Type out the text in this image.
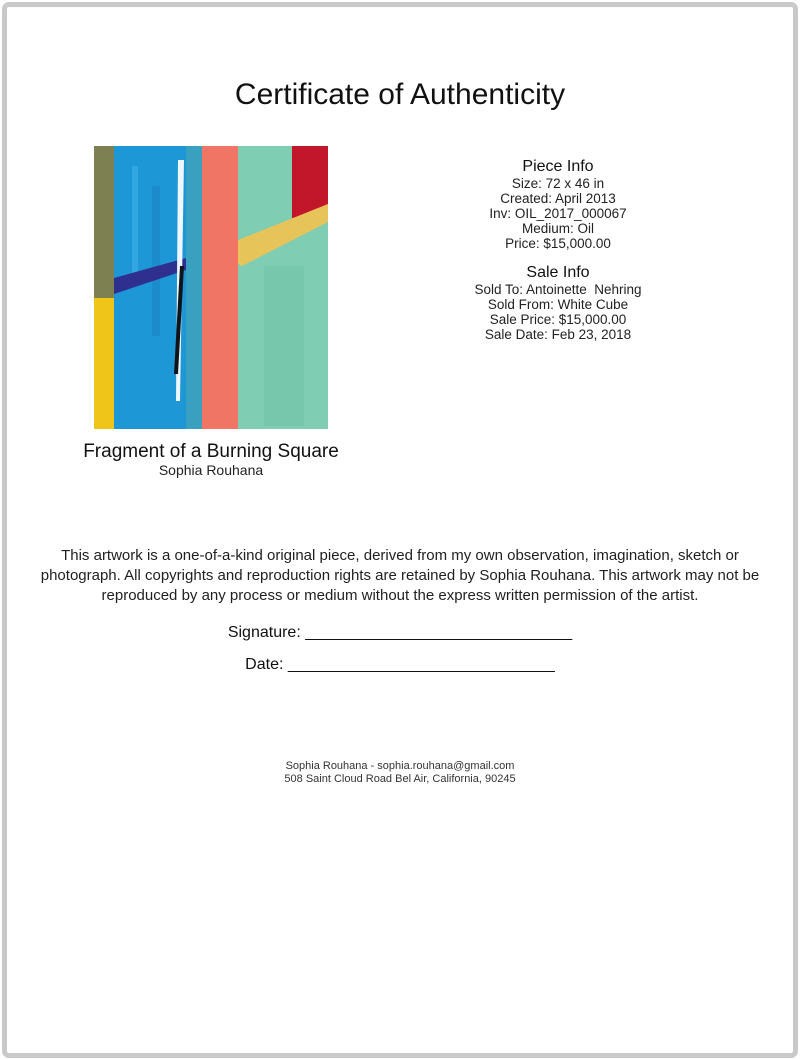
Certificate of Authenticity
Fragment of a Burning Square
Sophia Rouhana
Piece Info
Size: 72 x 46 in
Created: April 2013
Inv: OIL_2017_000067
Medium: Oil
Price: $15,000.00
Sale Info
Sold To: Antoinette  Nehring
Sold From: White Cube
Sale Price: $15,000.00
Sale Date: Feb 23, 2018
This artwork is a one-of-a-kind original piece, derived from my own observation, imagination, sketch or photograph. All copyrights and reproduction rights are retained by Sophia Rouhana. This artwork may not be reproduced by any process or medium without the express written permission of the artist.
Signature: ______________________________
Date: ______________________________
Sophia Rouhana - sophia.rouhana@gmail.com
508 Saint Cloud Road Bel Air, California, 90245
